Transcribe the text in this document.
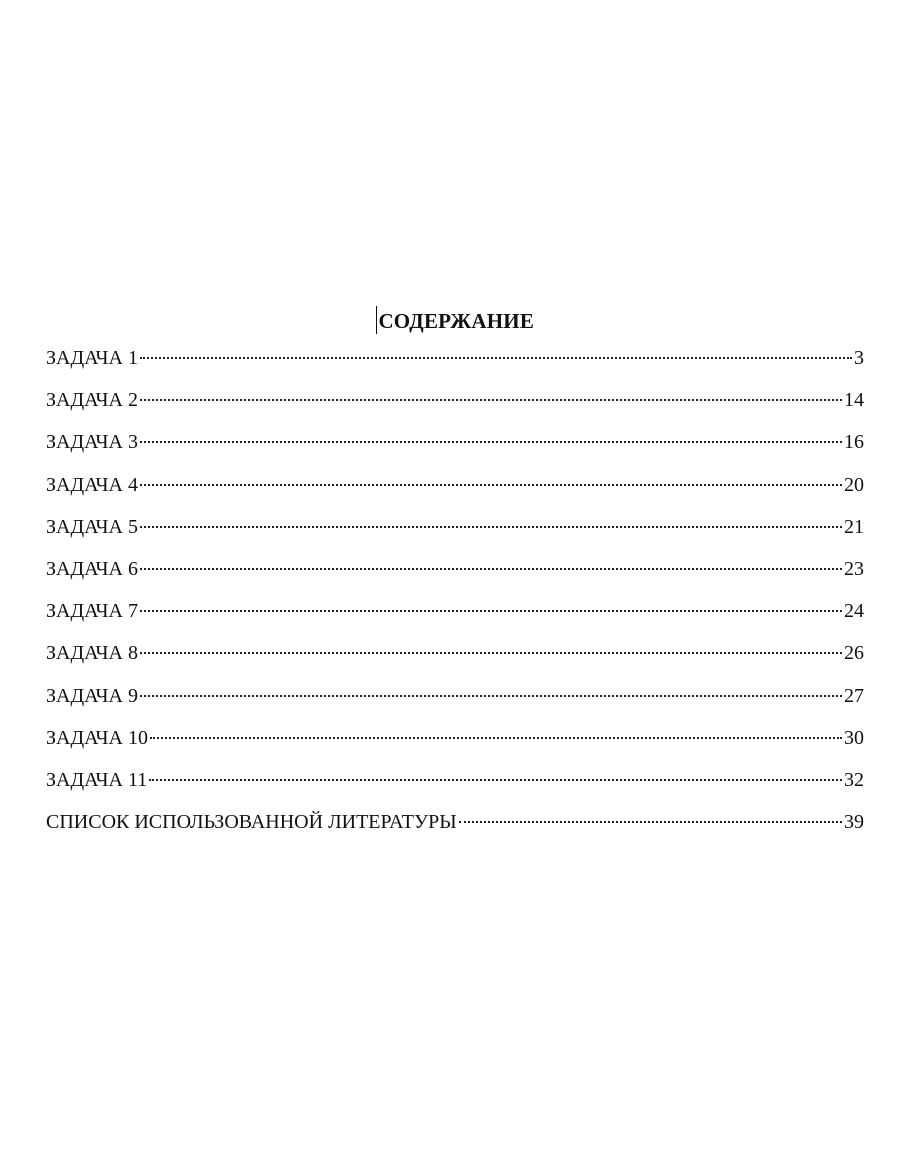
СОДЕРЖАНИЕ
ЗАДАЧА 1	3
ЗАДАЧА 2	14
ЗАДАЧА 3	16
ЗАДАЧА 4	20
ЗАДАЧА 5	21
ЗАДАЧА 6	23
ЗАДАЧА 7	24
ЗАДАЧА 8	26
ЗАДАЧА 9	27
ЗАДАЧА 10	30
ЗАДАЧА 11	32
СПИСОК ИСПОЛЬЗОВАННОЙ ЛИТЕРАТУРЫ	39
